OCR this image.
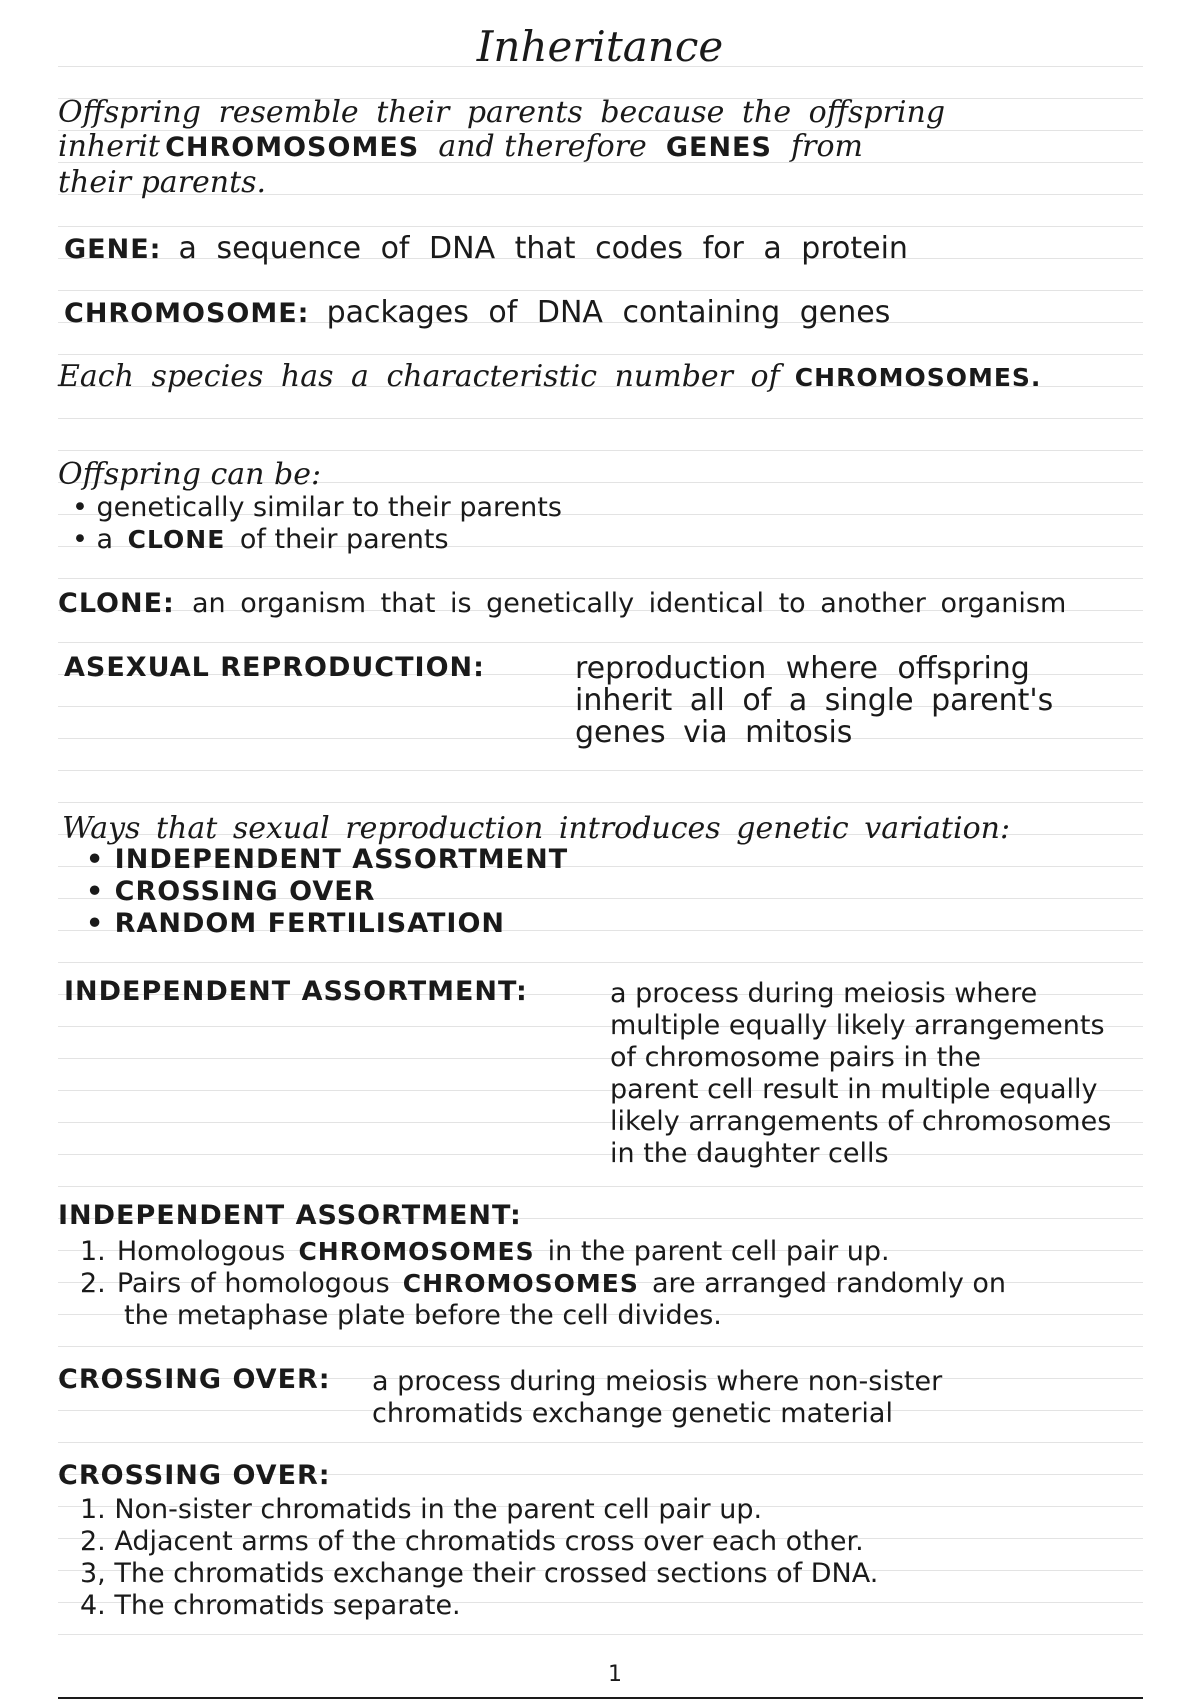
Inheritance
Offspring resemble their parents because the offspring
inherit CHROMOSOMES and therefore GENES from
their parents.
GENE: a sequence of DNA that codes for a protein
CHROMOSOME: packages of DNA containing genes
Each species has a characteristic number of CHROMOSOMES.
Offspring can be:
• genetically similar to their parents
• a CLONE of their parents
CLONE: an organism that is genetically identical to another organism
ASEXUAL REPRODUCTION:	reproduction where offspring
inherit all of a single parent's
genes via mitosis
Ways that sexual reproduction introduces genetic variation:
• INDEPENDENT ASSORTMENT
• CROSSING OVER
• RANDOM FERTILISATION
INDEPENDENT ASSORTMENT:	a process during meiosis where
multiple equally likely arrangements
of chromosome pairs in the
parent cell result in multiple equally
likely arrangements of chromosomes
in the daughter cells
INDEPENDENT ASSORTMENT:
1. Homologous CHROMOSOMES in the parent cell pair up.
2. Pairs of homologous CHROMOSOMES are arranged randomly on
the metaphase plate before the cell divides.
CROSSING OVER: a process during meiosis where non-sister
chromatids exchange genetic material
CROSSING OVER:
1. Non-sister chromatids in the parent cell pair up.
2. Adjacent arms of the chromatids cross over each other.
3, The chromatids exchange their crossed sections of DNA.
4. The chromatids separate.
1
